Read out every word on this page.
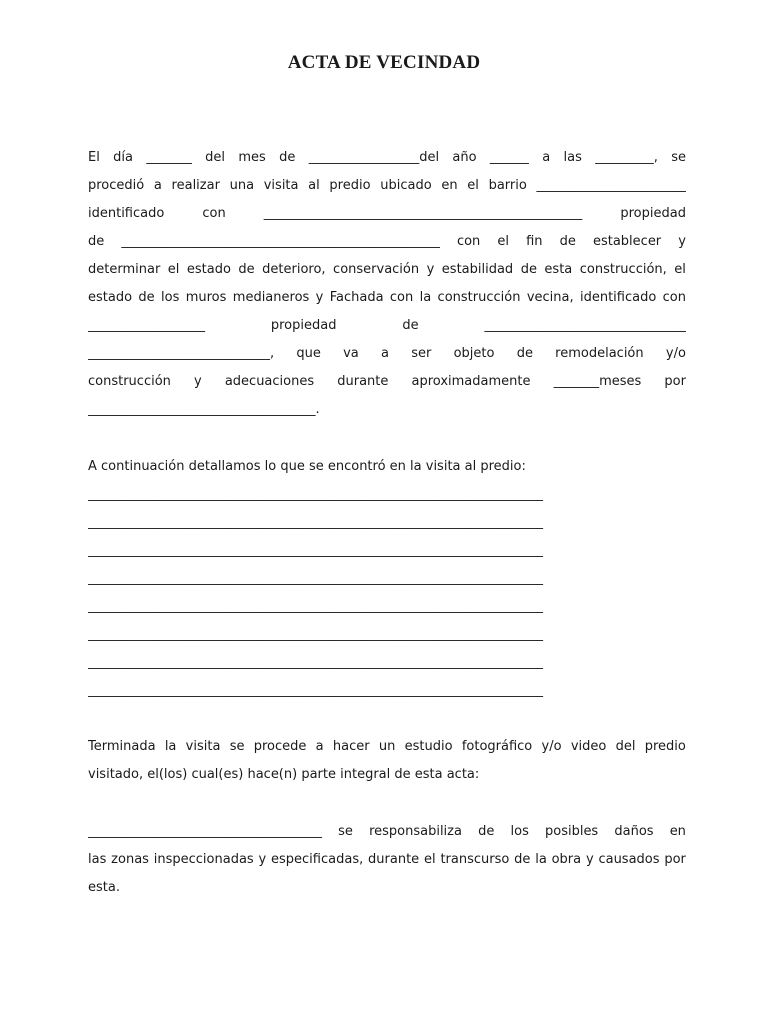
ACTA DE VECINDAD
El día _______ del mes de _________________del año ______ a las _________, se
procedió a realizar una visita al predio ubicado en el barrio _______________________
identificado	con	_________________________________________________	propiedad
de _________________________________________________ con el fin de establecer y
determinar el estado de deterioro, conservación y estabilidad de esta construcción, el
estado de los muros medianeros y Fachada con la construcción vecina, identificado con
__________________	propiedad	de	_______________________________
____________________________, que va a ser objeto de remodelación y/o
construcción y adecuaciones durante aproximadamente _______meses por
___________________________________.
A continuación detallamos lo que se encontró en la visita al predio:
______________________________________________________________________
______________________________________________________________________
______________________________________________________________________
______________________________________________________________________
______________________________________________________________________
______________________________________________________________________
______________________________________________________________________
______________________________________________________________________
Terminada la visita se procede a hacer un estudio fotográfico y/o video del predio
visitado, el(los) cual(es) hace(n) parte integral de esta acta:
____________________________________ se responsabiliza de los posibles daños en
las zonas inspeccionadas y especificadas, durante el transcurso de la obra y causados por
esta.
